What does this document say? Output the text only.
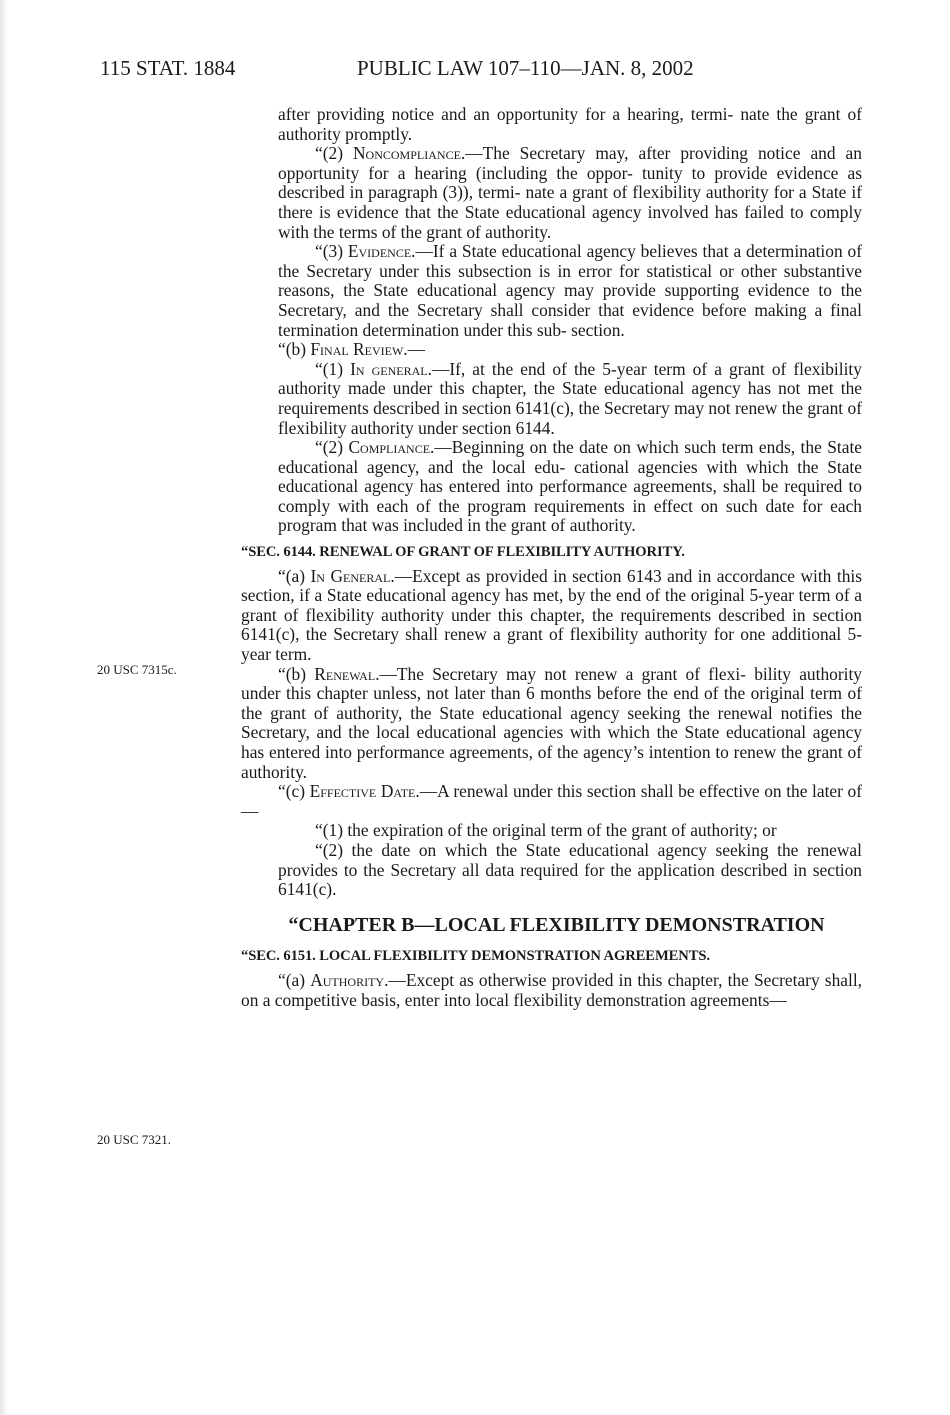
115 STAT. 1884	PUBLIC LAW 107–110—JAN. 8, 2002
20 USC 7315c.
20 USC 7321.

after providing notice and an opportunity for a hearing, termi- nate the grant of authority promptly.

“(2) Noncompliance.—The Secretary may, after providing notice and an opportunity for a hearing (including the oppor- tunity to provide evidence as described in paragraph (3)), termi- nate a grant of flexibility authority for a State if there is evidence that the State educational agency involved has failed to comply with the terms of the grant of authority.

“(3) Evidence.—If a State educational agency believes that a determination of the Secretary under this subsection is in error for statistical or other substantive reasons, the State educational agency may provide supporting evidence to the Secretary, and the Secretary shall consider that evidence before making a final termination determination under this sub- section.

“(b) Final Review.—

“(1) In general.—If, at the end of the 5-year term of a grant of flexibility authority made under this chapter, the State educational agency has not met the requirements described in section 6141(c), the Secretary may not renew the grant of flexibility authority under section 6144.

“(2) Compliance.—Beginning on the date on which such term ends, the State educational agency, and the local edu- cational agencies with which the State educational agency has entered into performance agreements, shall be required to comply with each of the program requirements in effect on such date for each program that was included in the grant of authority.

“SEC. 6144. RENEWAL OF GRANT OF FLEXIBILITY AUTHORITY.

“(a) In General.—Except as provided in section 6143 and in accordance with this section, if a State educational agency has met, by the end of the original 5-year term of a grant of flexibility authority under this chapter, the requirements described in section 6141(c), the Secretary shall renew a grant of flexibility authority for one additional 5-year term.

“(b) Renewal.—The Secretary may not renew a grant of flexi- bility authority under this chapter unless, not later than 6 months before the end of the original term of the grant of authority, the State educational agency seeking the renewal notifies the Secretary, and the local educational agencies with which the State educational agency has entered into performance agreements, of the agency’s intention to renew the grant of authority.

“(c) Effective Date.—A renewal under this section shall be effective on the later of—

“(1) the expiration of the original term of the grant of authority; or

“(2) the date on which the State educational agency seeking the renewal provides to the Secretary all data required for the application described in section 6141(c).

“CHAPTER B—LOCAL FLEXIBILITY DEMONSTRATION
“SEC. 6151. LOCAL FLEXIBILITY DEMONSTRATION AGREEMENTS.

“(a) Authority.—Except as otherwise provided in this chapter, the Secretary shall, on a competitive basis, enter into local flexibility demonstration agreements—
